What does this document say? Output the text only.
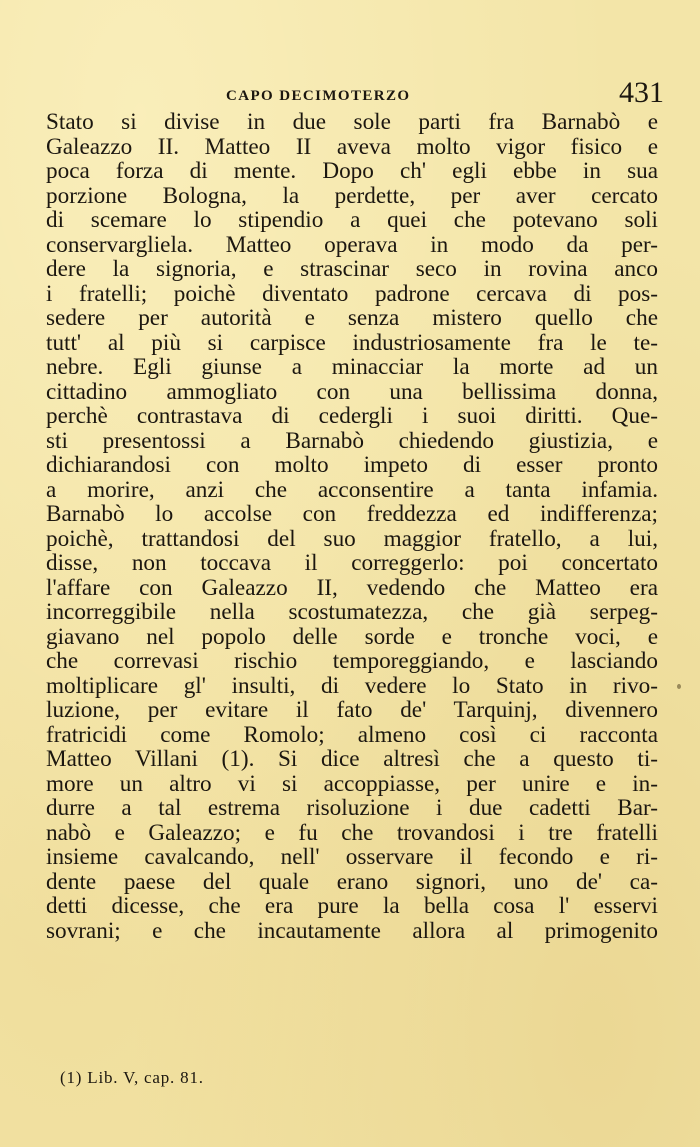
CAPO DECIMOTERZO	431
Stato si divise in due sole parti fra Barnabò e
Galeazzo II. Matteo II aveva molto vigor fisico e
poca forza di mente. Dopo ch' egli ebbe in sua
porzione Bologna, la perdette, per aver cercato
di scemare lo stipendio a quei che potevano soli
conservargliela. Matteo operava in modo da per-
dere la signoria, e strascinar seco in rovina anco
i fratelli; poichè diventato padrone cercava di pos-
sedere per autorità e senza mistero quello che
tutt' al più si carpisce industriosamente fra le te-
nebre. Egli giunse a minacciar la morte ad un
cittadino ammogliato con una bellissima donna,
perchè contrastava di cedergli i suoi diritti. Que-
sti presentossi a Barnabò chiedendo giustizia, e
dichiarandosi con molto impeto di esser pronto
a morire, anzi che acconsentire a tanta infamia.
Barnabò lo accolse con freddezza ed indifferenza;
poichè, trattandosi del suo maggior fratello, a lui,
disse, non toccava il correggerlo: poi concertato
l'affare con Galeazzo II, vedendo che Matteo era
incorreggibile nella scostumatezza, che già serpeg-
giavano nel popolo delle sorde e tronche voci, e
che correvasi rischio temporeggiando, e lasciando
moltiplicare gl' insulti, di vedere lo Stato in rivo-
luzione, per evitare il fato de' Tarquinj, divennero
fratricidi come Romolo; almeno così ci racconta
Matteo Villani (1). Si dice altresì che a questo ti-
more un altro vi si accoppiasse, per unire e in-
durre a tal estrema risoluzione i due cadetti Bar-
nabò e Galeazzo; e fu che trovandosi i tre fratelli
insieme cavalcando, nell' osservare il fecondo e ri-
dente paese del quale erano signori, uno de' ca-
detti dicesse, che era pure la bella cosa l' esservi
sovrani; e che incautamente allora al primogenito
(1) Lib. V, cap. 81.
